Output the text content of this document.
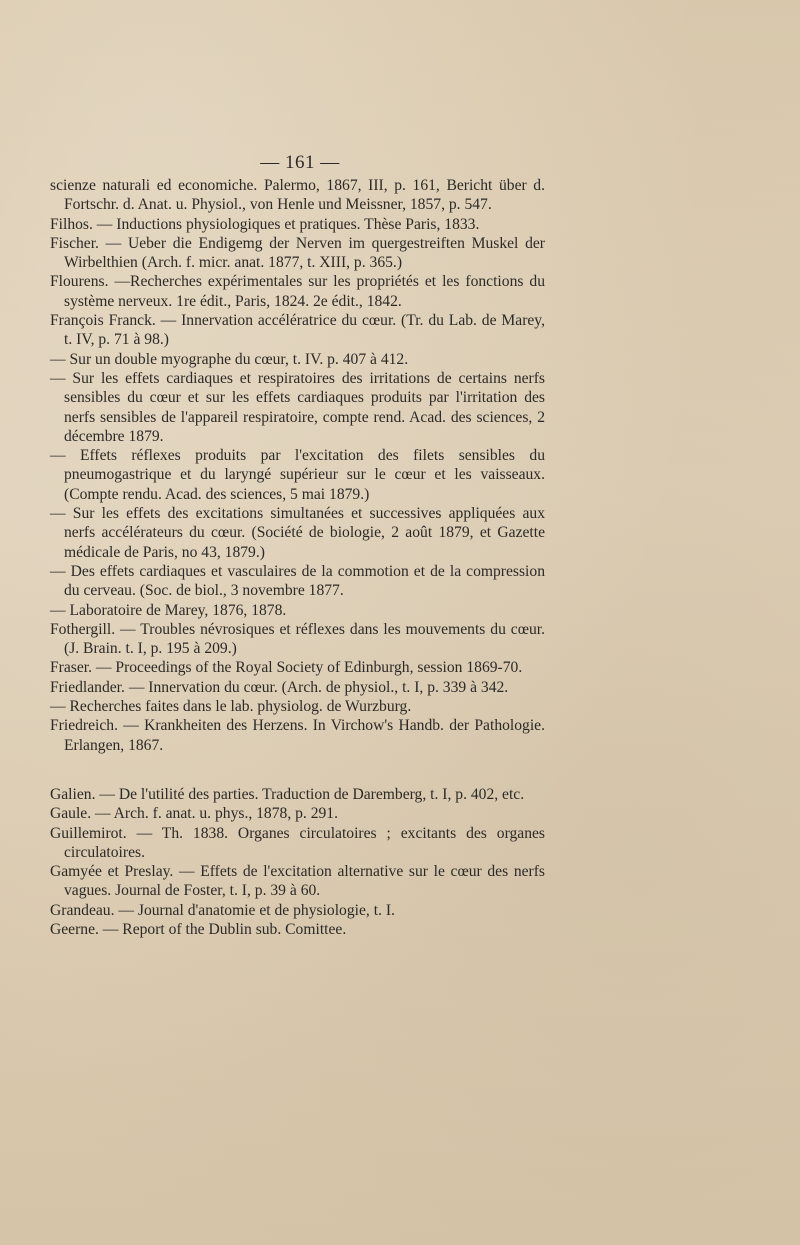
— 161 —

scienze naturali ed economiche. Palermo, 1867, III, p. 161, Bericht über d. Fortschr. d. Anat. u. Physiol., von Henle und Meissner, 1857, p. 547.

Filhos. — Inductions physiologiques et pratiques. Thèse Paris, 1833.

Fischer. — Ueber die Endigemg der Nerven im quergestreiften Muskel der Wirbelthien (Arch. f. micr. anat. 1877, t. XIII, p. 365.)

Flourens. —Recherches expérimentales sur les propriétés et les fonctions du système nerveux. 1re édit., Paris, 1824. 2e édit., 1842.

François Franck. — Innervation accélératrice du cœur. (Tr. du Lab. de Marey, t. IV, p. 71 à 98.)

— Sur un double myographe du cœur, t. IV. p. 407 à 412.

— Sur les effets cardiaques et respiratoires des irritations de certains nerfs sensibles du cœur et sur les effets cardiaques produits par l'irritation des nerfs sensibles de l'appareil respiratoire, compte rend. Acad. des sciences, 2 décembre 1879.

— Effets réflexes produits par l'excitation des filets sensibles du pneumogastrique et du laryngé supérieur sur le cœur et les vaisseaux. (Compte rendu. Acad. des sciences, 5 mai 1879.)

— Sur les effets des excitations simultanées et successives appliquées aux nerfs accélérateurs du cœur. (Société de biologie, 2 août 1879, et Gazette médicale de Paris, no 43, 1879.)

— Des effets cardiaques et vasculaires de la commotion et de la compression du cerveau. (Soc. de biol., 3 novembre 1877.

— Laboratoire de Marey, 1876, 1878.

Fothergill. — Troubles névrosiques et réflexes dans les mouvements du cœur. (J. Brain. t. I, p. 195 à 209.)

Fraser. — Proceedings of the Royal Society of Edinburgh, session 1869-70.

Friedlander. — Innervation du cœur. (Arch. de physiol., t. I, p. 339 à 342.

— Recherches faites dans le lab. physiolog. de Wurzburg.

Friedreich. — Krankheiten des Herzens. In Virchow's Handb. der Pathologie. Erlangen, 1867.

Galien. — De l'utilité des parties. Traduction de Daremberg, t. I, p. 402, etc.

Gaule. — Arch. f. anat. u. phys., 1878, p. 291.

Guillemirot. — Th. 1838. Organes circulatoires ; excitants des organes circulatoires.

Gamyée et Preslay. — Effets de l'excitation alternative sur le cœur des nerfs vagues. Journal de Foster, t. I, p. 39 à 60.

Grandeau. — Journal d'anatomie et de physiologie, t. I.

Geerne. — Report of the Dublin sub. Comittee.
